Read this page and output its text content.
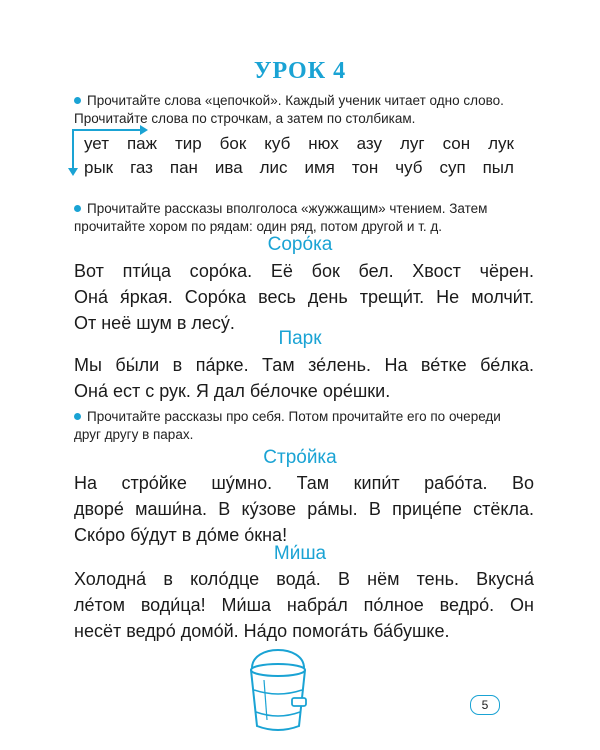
УРОК 4
Прочитайте слова «цепочкой». Каждый ученик читает одно слово. Прочитайте слова по строчкам, а затем по столбикам.
ует паж тир бок куб нюх азу луг сон лук
рык газ пан ива лис имя тон чуб суп пыл
Прочитайте рассказы вполголоса «жужжащим» чтением. Затем прочитайте хором по рядам: один ряд, потом другой и т. д.
Соро́ка

Вот пти́ца соро́ка. Её бок бел. Хвост чёрен.

Она́ я́ркая. Соро́ка весь день трещи́т. Не молчи́т.

От неё шум в лесу́.

Парк

Мы бы́ли в па́рке. Там зе́лень. На ве́тке бе́лка.

Она́ ест с рук. Я дал бе́лочке оре́шки.

Прочитайте рассказы про себя. Потом прочитайте его по очереди друг другу в парах.
Стро́йка

На стро́йке шу́мно. Там кипи́т рабо́та. Во

дворе́ маши́на. В ку́зове ра́мы. В прице́пе стёкла.

Ско́ро бу́дут в до́ме о́кна!

Ми́ша

Холодна́ в коло́дце вода́. В нём тень. Вкусна́

ле́том води́ца! Ми́ша набра́л по́лное ведро́. Он

несёт ведро́ домо́й. На́до помога́ть ба́бушке.

5
